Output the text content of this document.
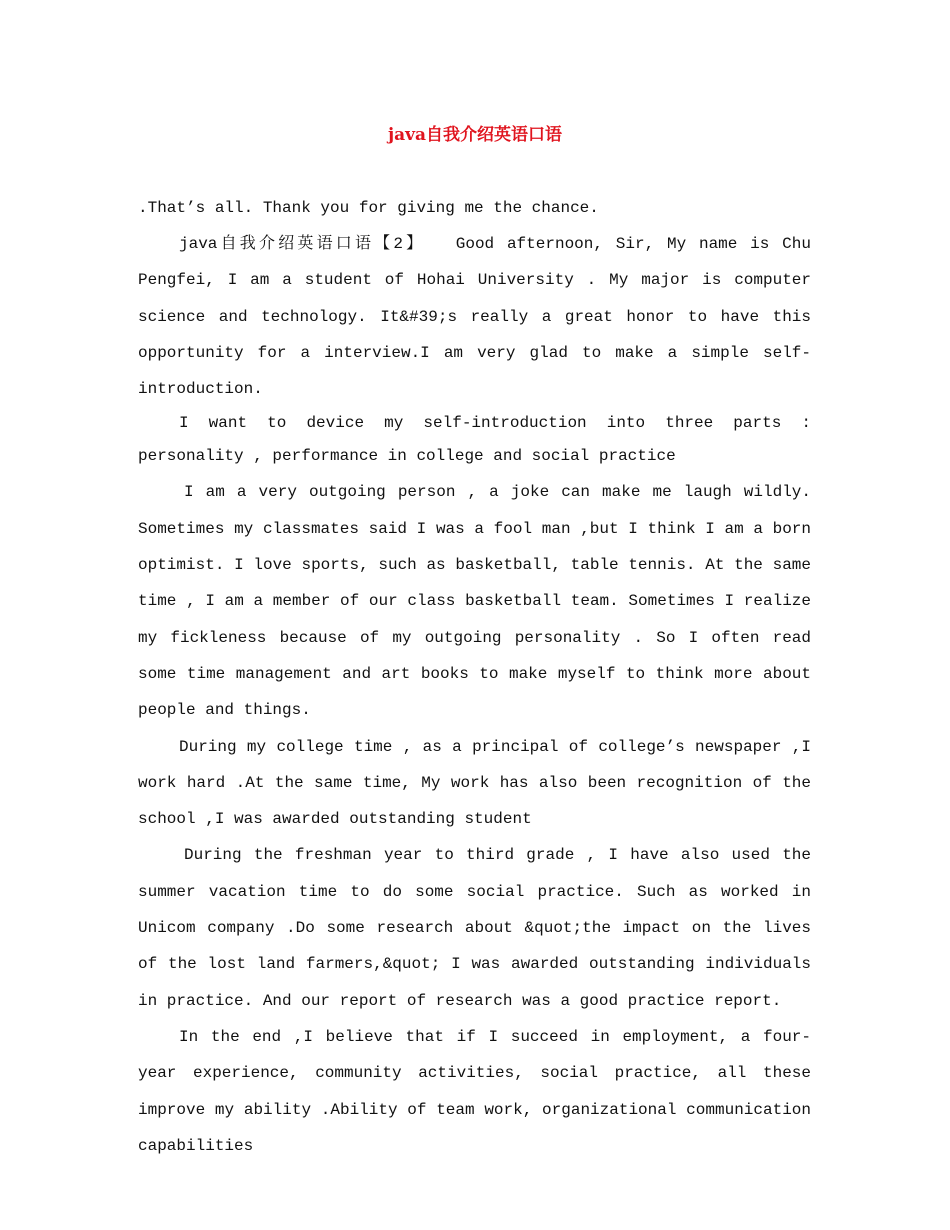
java自我介绍英语口语

.That’s all. Thank you for giving me the chance.

java自我介绍英语口语【2】　　Good afternoon, Sir, My name is Chu Pengfei, I am a student of Hohai University . My major is computer science and technology. It&#39;s really a great honor to have this opportunity for a interview.I am very glad to make a simple self-introduction.

I want to device my self-introduction into three parts : personality , performance in college and social practice

I am a very outgoing person , a joke can make me laugh wildly. Sometimes my classmates said I was a fool man ,but I think I am a born optimist. I love sports, such as basketball, table tennis. At the same time , I am a member of our class basketball team. Sometimes I realize my fickleness because of my outgoing personality . So I often read some time management and art books to make myself to think more about people and things.

During my college time , as a principal of college’s newspaper ,I work hard .At the same time, My work has also been recognition of the school ,I was awarded outstanding student

During the freshman year to third grade , I have also used the summer vacation time to do some social practice. Such as worked in Unicom company .Do some research about &quot;the impact on the lives of the lost land farmers,&quot; I was awarded outstanding individuals in practice. And our report of research was a good practice report.

In the end ,I believe that if I succeed in employment, a four-year experience, community activities, social practice, all these improve my ability .Ability of team work, organizational communication capabilities
